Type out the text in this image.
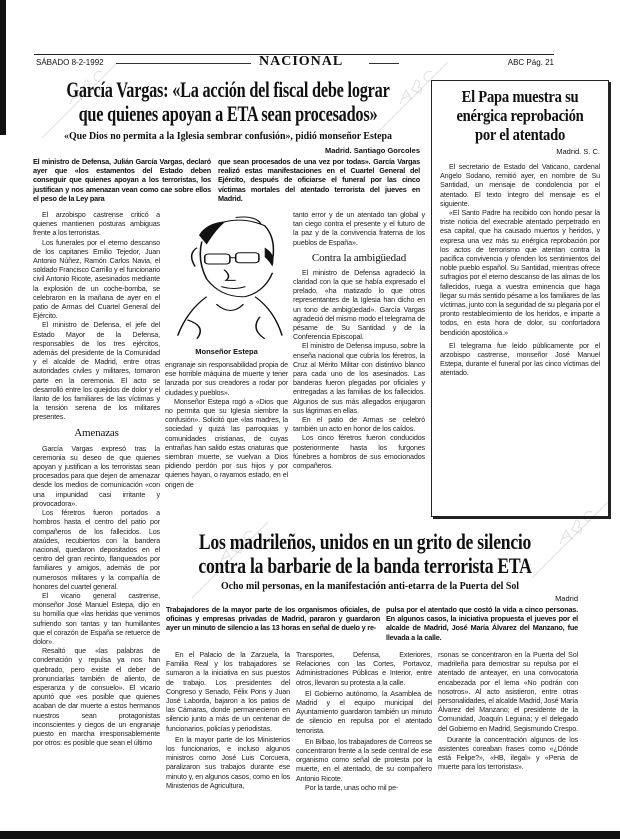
SÁBADO 8-2-1992	NACIONAL	ABC Pág. 21
García Vargas: «La acción del fiscal debe lograr
que quienes apoyan a ETA sean procesados»
«Que Dios no permita a la Iglesia sembrar confusión», pidió monseñor Estepa
Madrid. Santiago Gorcoles
El ministro de Defensa, Julián García Vargas, declaró ayer que «los estamentos del Estado deben conseguir que quienes apoyan a los terroristas, los justifican y nos amenazan vean como cae sobre ellos el peso de la Ley para
que sean procesados de una vez por todas». García Vargas realizó estas manifestaciones en el Cuartel General del Ejército, después de oficiarse el funeral por las cinco víctimas mortales del atentado terrorista del jueves en Madrid.

El arzobispo castrense criticó a quienes mantienen posturas ambiguas frente a los terroristas.

Los funerales por el eterno descanso de los capitanes Emilio Tejedor, Juan Antonio Núñez, Ramón Carlos Navia, el soldado Francisco Carrillo y el funcionario civil Antonio Ricote, asesinados mediante la explosión de un coche-bomba, se celebraron en la mañana de ayer en el patio de Armas del Cuartel General del Ejército.

El ministro de Defensa, el jefe del Estado Mayor de la Defensa, responsables de los tres ejércitos, además del presidente de la Comunidad y el alcalde de Madrid, entre otras autoridades civiles y militares, tomaron parte en la ceremonia. El acto se desarrolló entre los quejidos de dolor y el llanto de los familiares de las víctimas y la tensión serena de los militares presentes.

Amenazas

García Vargas expresó tras la ceremonia su deseo de que quienes apoyan y justifican a los terroristas sean procesados para que dejen de amenazar desde los medios de comunicación «con una impunidad casi irritante y provocadora».

Los féretros fueron portados a hombros hasta el centro del patio por compañeros de los fallecidos. Los ataúdes, recubiertos con la bandera nacional, quedaron depositados en el centro del gran recinto, flanqueados por familiares y amigos, además de por numerosos militares y la compañía de honores del cuartel general.

El vicario general castrense, monseñor José Manuel Estepa, dijo en su homilía que «las heridas que venimos sufriendo son tantas y tan humillantes que el corazón de España se retuerce de dolor».

Resaltó que «las palabras de condenación y repulsa ya nos han quebrado, pero existe el deber de pronunciarlas también de aliento, de esperanza y de consuelo». El vicario apuntó que «es posible que quienes acaban de dar muerte a estos hermanos nuestros sean protagonistas inconscientes y ciegos de un engranaje puesto en marcha irresponsablemente por otros: es posible que sean el último

Monseñor Estepa

engranaje sin responsabilidad propia de ese horrible máquina de muerte y tener lanzada por sus creadores a rodar por ciudades y pueblos».

Monseñor Estepa rogó a «Dios que no permita que su Iglesia siembre la confusión». Solicitó que «las madres, la sociedad y quizá las parroquias y comunidades cristianas, de cuyas entrañas han salido estas criaturas que siembran muerte, se vuelvan a Dios pidiendo perdón por sus hijos y por quienes hayan, o rayamos estado, en el origen de

tanto error y de un atentado tan global y tan ciego contra el presente y el futuro de la paz y de la convivencia fraterna de los pueblos de España».

Contra la ambigüedad

El ministro de Defensa agradeció la claridad con la que se había expresado el prelado, «ha matizado lo que otros representantes de la Iglesia han dicho en un tono de ambigüedad». García Vargas agradeció del mismo modo el telegrama de pésame de Su Santidad y de la Conferencia Episcopal.

El ministro de Defensa impuso, sobre la enseña nacional que cubría los féretros, la Cruz al Mérito Militar con distintivo blanco para cada uno de los asesinados. Las banderas fueron plegadas por oficiales y entregadas a las familias de los fallecidos. Algunos de sus más allegados enjugaron sus lágrimas en ellas.

En el patio de Armas se celebró también un acto en honor de los caídos.

Los cinco féretros fueron conducidos posteriormente hasta los furgones fúnebres a hombros de sus emocionados compañeros.

El Papa muestra su enérgica reprobación por el atentado
Madrid. S. C.

El secretario de Estado del Vaticano, cardenal Angelo Sodano, remitió ayer, en nombre de Su Santidad, un mensaje de condolencia por el atentado. El texto íntegro del mensaje es el siguiente.

«El Santo Padre ha recibido con hondo pesar la triste noticia del execrable atentado perpetrado en esa capital, que ha causado muertos y heridos, y expresa una vez más su enérgica reprobación por los actos de terrorismo que atentan contra la pacífica convivencia y ofenden los sentimientos del noble pueblo español. Su Santidad, mientras ofrece sufragios por el eterno descanso de las almas de los fallecidos, ruega a vuestra eminencia que haga llegar su más sentido pésame a los familiares de las víctimas, junto con la seguridad de su plegaria por el pronto restablecimiento de los heridos, e imparte a todos, en esta hora de dolor, su confortadora bendición apostólica.»

El telegrama fue leído públicamente por el arzobispo castrense, monseñor José Manuel Estepa, durante el funeral por las cinco víctimas del atentado.

Los madrileños, unidos en un grito de silencio
contra la barbarie de la banda terrorista ETA
Ocho mil personas, en la manifestación anti-etarra de la Puerta del Sol
Madrid
Trabajadores de la mayor parte de los organismos oficiales, de oficinas y empresas privadas de Madrid, pararon y guardaron ayer un minuto de silencio a las 13 horas en señal de duelo y re-
pulsa por el atentado que costó la vida a cinco personas. En algunos casos, la iniciativa propuesta el jueves por el alcalde de Madrid, José María Álvarez del Manzano, fue llevada a la calle.

En el Palacio de la Zarzuela, la Familia Real y los trabajadores se sumaron a la iniciativa en sus puestos de trabajo. Los presidentes del Congreso y Senado, Félix Pons y Juan José Laborda, bajaron a los patios de las Cámaras, donde permanecieron en silencio junto a más de un centenar de funcionarios, policías y periodistas.

En la mayor parte de los Ministerios los funcionarios, e incluso algunos ministros como José Luis Corcuera, paralizaron sus trabajos durante ese minuto y, en algunos casos, como en los Ministerios de Agricultura,

Transportes, Defensa, Exteriores, Relaciones con las Cortes, Portavoz, Administraciones Públicas e Interior, entre otros, llevaron su protesta a la calle.

El Gobierno autónomo, la Asamblea de Madrid y el equipo municipal del Ayuntamiento guardaron también un minuto de silencio en repulsa por el atentado terrorista.

En Bilbao, los trabajadores de Correos se concentraron frente a la sede central de ese organismo como señal de protesta por la muerte, en el atentado, de su compañero Antonio Ricote.

Por la tarde, unas ocho mil pe-

rsonas se concentraron en la Puerta del Sol madrileña para demostrar su repulsa por el atentado de anteayer, en una convocatoria encabezada por el lema «No podrán con nosotros». Al acto asistieron, entre otras personalidades, el alcalde Madrid, José María Álvarez del Manzano; el presidente de la Comunidad, Joaquín Leguina; y el delegado del Gobierno en Madrid, Segismundo Crespo.

Durante la concentración algunos de los asistentes coreaban frases como «¿Dónde está Felipe?», «HB, ilegal» y «Pena de muerte para los terroristas».
